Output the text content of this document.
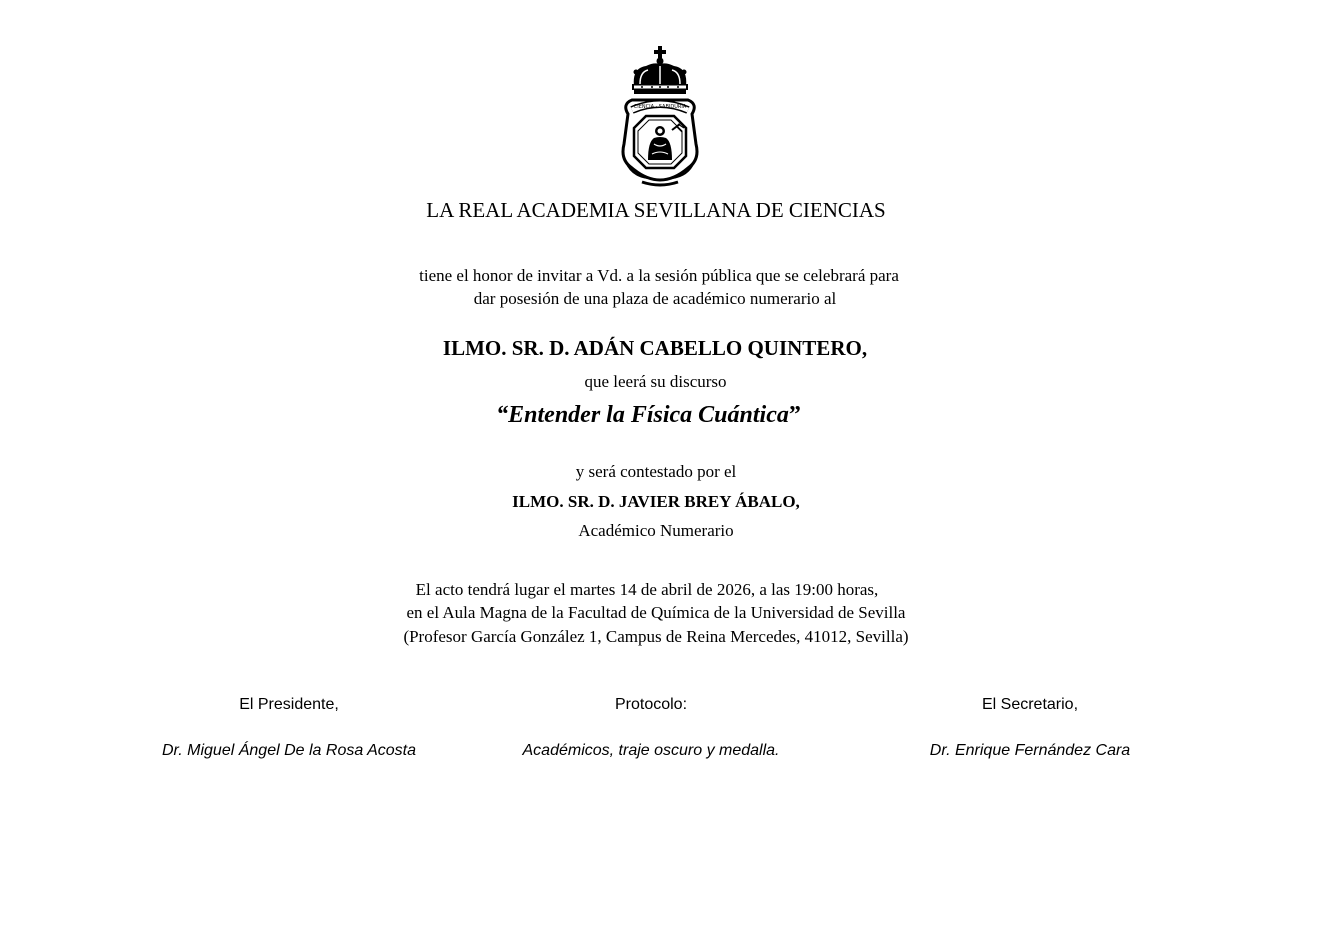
CIENCIA · SABIDURIA
LA REAL ACADEMIA SEVILLANA DE CIENCIAS
tiene el honor de invitar a Vd. a la sesión pública que se celebrará para
dar posesión de una plaza de académico numerario al
ILMO. SR. D. ADÁN CABELLO QUINTERO,
que leerá su discurso
“Entender la Física Cuántica”
y será contestado por el
ILMO. SR. D. JAVIER BREY ÁBALO,
Académico Numerario
El acto tendrá lugar el martes 14 de abril de 2026, a las 19:00 horas,
en el Aula Magna de la Facultad de Química de la Universidad de Sevilla
(Profesor García González 1, Campus de Reina Mercedes, 41012, Sevilla)
El Presidente,	Protocolo:	El Secretario,
Dr. Miguel Ángel De la Rosa Acosta	Académicos, traje oscuro y medalla.	Dr. Enrique Fernández Cara
